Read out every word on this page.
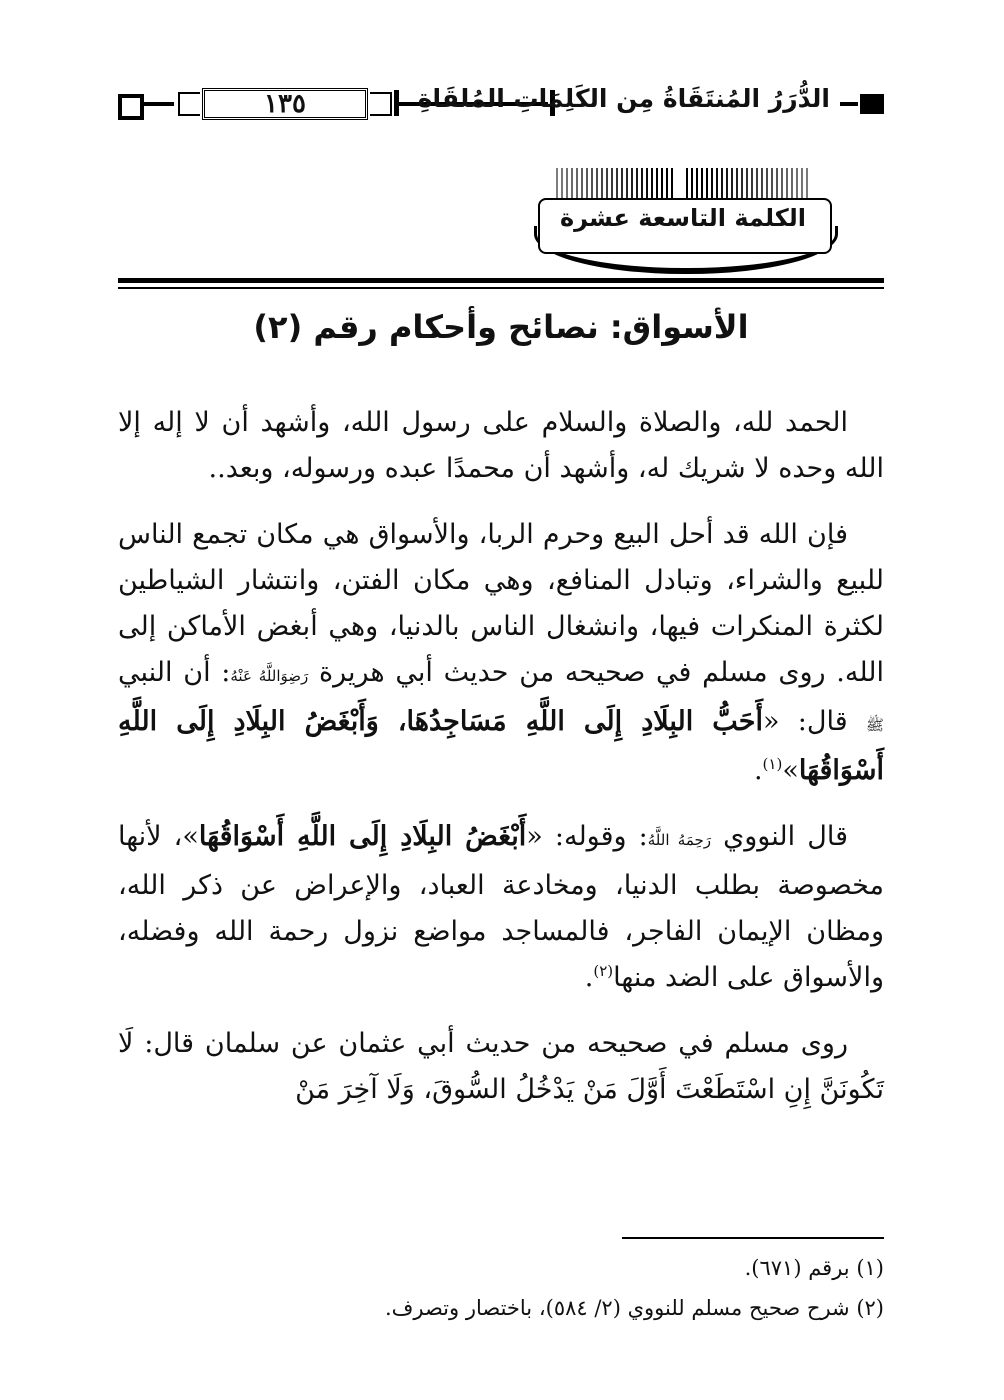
١٣٥	الدُّرَرُ المُنتَقَاةُ مِن الكَلِمَاتِ المُلقَاةِ
الكلمة التاسعة عشرة
الأسواق: نصائح وأحكام رقم (٢)

الحمد لله، والصلاة والسلام على رسول الله، وأشهد أن لا إله إلا الله وحده لا شريك له، وأشهد أن محمدًا عبده ورسوله، وبعد..

فإن الله قد أحل البيع وحرم الربا، والأسواق هي مكان تجمع الناس للبيع والشراء، وتبادل المنافع، وهي مكان الفتن، وانتشار الشياطين لكثرة المنكرات فيها، وانشغال الناس بالدنيا، وهي أبغض الأماكن إلى الله. روى مسلم في صحيحه من حديث أبي هريرة رَضِوَاللَّهُ عَنْهُ: أن النبي ﷺ قال: «أَحَبُّ البِلَادِ إِلَى اللَّهِ مَسَاجِدُهَا، وَأَبْغَضُ البِلَادِ إِلَى اللَّهِ أَسْوَاقُهَا»$^{(١)}$.

قال النووي رَحِمَهُ اللَّهُ: وقوله: «أَبْغَضُ البِلَادِ إِلَى اللَّهِ أَسْوَاقُهَا»، لأنها مخصوصة بطلب الدنيا، ومخادعة العباد، والإعراض عن ذكر الله، ومظان الإيمان الفاجر، فالمساجد مواضع نزول رحمة الله وفضله، والأسواق على الضد منها$^{(٢)}$.

روى مسلم في صحيحه من حديث أبي عثمان عن سلمان قال: لَا تَكُونَنَّ إِنِ اسْتَطَعْتَ أَوَّلَ مَنْ يَدْخُلُ السُّوقَ، وَلَا آخِرَ مَنْ

(١) برقم (٦٧١).
(٢) شرح صحيح مسلم للنووي (٢/ ٥٨٤)، باختصار وتصرف.
